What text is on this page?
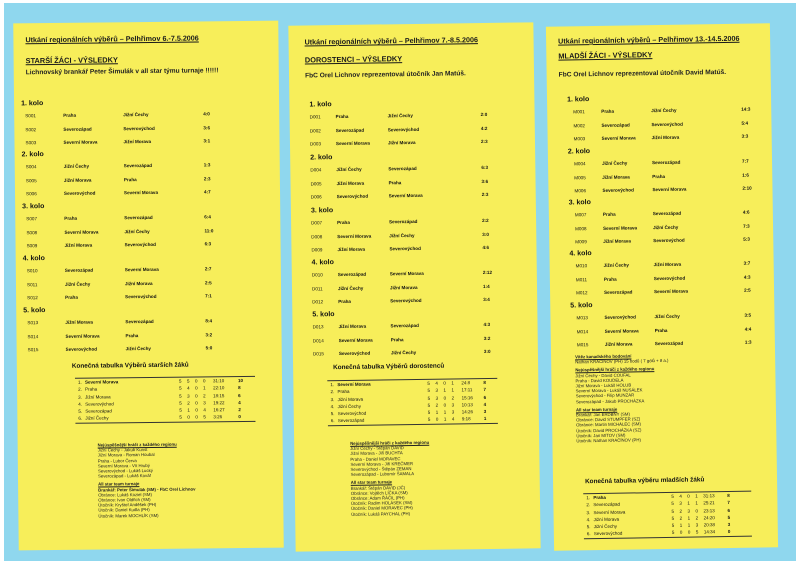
Utkání regionálních výběrů – Pelhřimov 6.-7.5.2006
STARŠÍ ŽÁCI - VÝSLEDKY
Lichnovský brankář Peter Šimulák v all star týmu turnaje !!!!!!
1. kolo
S001	Praha	Jižní Čechy	4:0
S002	Severozápad	Severovýchod	3:6
S003	Severní Morava	Jižní Morava	3:1
2. kolo
S004	Jižní Čechy	Severozápad	1:3
S005	Jižní Morava	Praha	2:3
S006	Severovýchod	Severní Morava	4:7
3. kolo
S007	Praha	Severozápad	6:4
S008	Severní Morava	Jižní Čechy	11:0
S009	Jižní Morava	Severovýchod	6:3
4. kolo
S010	Severozápad	Severní Morava	2:7
S011	Jižní Čechy	Jižní Morava	2:5
S012	Praha	Severovýchod	7:1
5. kolo
S013	Jižní Morava	Severozápad	8:4
S014	Severní Morava	Praha	3:2
S015	Severovýchod	Jižní Čechy	5:0
Konečná tabulka Výběrů starších žáků
1. Severní Morava	5 5 0 0 31:10	10
2. Praha	5 4 0 1 22:10	8
3. Jižní Morava	5 3 0 2 18:15	6
4. Severovýchod	5 2 0 3 19:22	4
5. Severozápad	5 1 0 4 16:27	2
6. Jižní Čechy	5 0 0 5 3:26	0
Nejúspěšnější hráči z každého regionu
Jižní Čechy - Jakub Kunst
Jižní Morava - Roman Houbal
Praha - Lubor Červa
Severní Morava - Vít Hrubý
Severovýchod - Lukáš Lucký
Severozápad - Lukáš Kovář
All star team turnaje
Brankář: Peter Šimulák (SM) - FbC Orel Lichnov
Obránce: Lukáš Koziel (SM)
Obránce: Ivan Oldřich (SM)
Útočník: Kryštof Anděšek (PH)
Útočník: Daniel Kudla (PH)
Útočník: Marek MOCHLÍK (SM)
Utkání regionálních výběrů – Pelhřimov 7.-8.5.2006
DOROSTENCI – VÝSLEDKY
FbC Orel Lichnov reprezentoval útočník Jan Matúš.
1. kolo
D001	Praha	Jižní Čechy	2:0
D002	Severozápad	Severovýchod	4:2
D003	Severní Morava	Jižní Morava	2:3
2. kolo
D004	Jižní Čechy	Severozápad	6:3
D005	Jižní Morava	Praha	3:6
D006	Severovýchod	Severní Morava	2:3
3. kolo
D007	Praha	Severozápad	2:2
D008	Severní Morava	Jižní Čechy	3:0
D009	Jižní Morava	Severovýchod	4:6
4. kolo
D010	Severozápad	Severní Morava	2:12
D011	Jižní Čechy	Jižní Morava	1:4
D012	Praha	Severovýchod	3:4
5. kolo
D013	Jižní Morava	Severozápad	4:3
D014	Severní Morava	Praha	3:2
D015	Severovýchod	Jižní Čechy	3:0
Konečná tabulka Výběrů dorostenců
1. Severní Morava	5 4 0 1 24:8	8
2. Praha	5 3 1 1 17:11 7
3. Jižní Morava	5 3 0 2 15:16 6
4. Jižní Čechy	5 2 0 3 10:13 4
5. Severovýchod	5 1 1 3 14:26 3
6. Severozápad	5 0 1 4 9:18	1
Nejúspěšnější hráči z každého regionu
Jižní Čechy - Štěpán DAVID
Jižní Morava - Jiří BUCHTA
Praha - Daniel MORAVEC
Severní Morava - Jiří KREČMER
Severovýchod - Štěpán ZEMAN
Severozápad - Lubomír ŠAMALA
All star team turnaje
Brankář: Štěpán DAVID (JČ)
Obránce: Vojtěch LÍČKA (SM)
Obránce: Adam ŘÁČIL (PH)
Útočník: Radim HOLÁSEK (SM)
Útočník: Daniel MORAVEC (PH)
Útočník: Lukáš PAYCHAL (PH)
Utkání regionálních výběrů – Pelhřimov 13.-14.5.2006
MLADŠÍ ŽÁCI - VÝSLEDKY
FbC Orel Lichnov reprezentoval útočník David Matúš.
1. kolo
M001	Praha	Jižní Čechy	14:3
M002	Severozápad	Severovýchod	5:4
M003	Severní Morava	Jižní Morava	3:3
2. kolo
M004	Jižní Čechy	Severozápad	7:7
M005	Jižní Morava	Praha	1:6
M006	Severovýchod	Severní Morava	2:10
3. kolo
M007	Praha	Severozápad	4:6
M008	Severní Morava	Jižní Čechy	7:3
M009	Jižní Morava	Severovýchod	5:3
4. kolo
M010	Jižní Čechy	Jižní Morava	3:7
M011	Praha	Severovýchod	4:3
M012	Severozápad	Severní Morava	2:5
5. kolo
M013	Severovýchod	Jižní Čechy	3:5
M014	Severní Morava	Praha	4:4
M015	Jižní Morava	Severozápad	1:3
Konečná tabulka výběru mladších žáků
1. Praha	5 4 0 1 31:13	8
2. Severozápad	5 3 1 1 25:21	7
3. Severní Morava	5 2 3 0 23:13	6
4. Jižní Morava	5 2 1 2 24:20	5
5. Jižní Čechy	5 1 1 3 20:38	3
6. Severovýchod	5 0 0 5 14:34	0
Vítěz kanadského bodování
Nathan KRAČÍNOV (PH) 15 bodů ( 7 gólů + 8 a.)
Nejúspěšnější hráči z každého regionu
Jižní Čechy - David COUFAL
Praha - David KOUDELA
Jižní Morava - Lukáš HOLUB
Severní Morava - Lukáš NUSÁLEK
Severovýchod - Filip MUNZAR
Severozápad - Jakub PROCHÁZKA
All star team turnaje
Brankář: Jan ERDBNY (SM)
Obránce: David STUMPFER (SZ)
Obránce: Martin MICHÁLEC (SM)
Útočník: David PROCHÁZKA (SZ)
Útočník: Jan MITOV (SM)
Útočník: Nathan KRAČÍNOV (PH)
